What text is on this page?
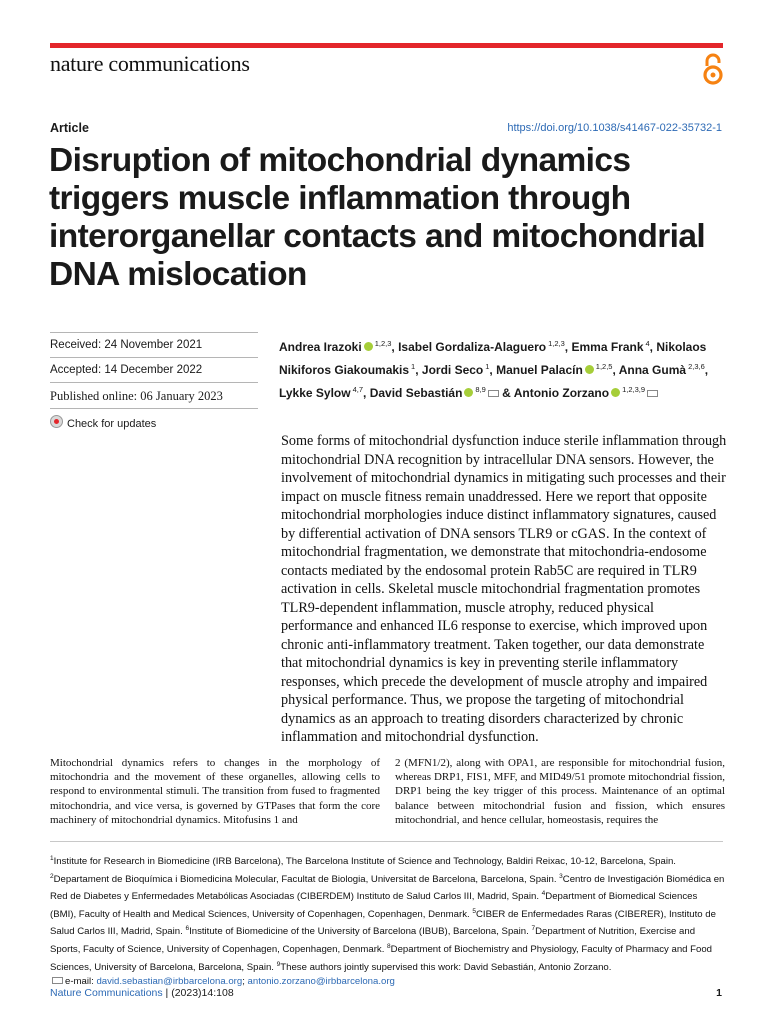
nature communications
Article	https://doi.org/10.1038/s41467-022-35732-1
Disruption of mitochondrial dynamics triggers muscle inflammation through interorganellar contacts and mitochondrial DNA mislocation
Received: 24 November 2021
Accepted: 14 December 2022
Published online: 06 January 2023
Check for updates
Andrea Irazoki $^{1,2,3}$, Isabel Gordaliza-Alaguero $^{1,2,3}$, Emma Frank $^4$, Nikolaos Nikiforos Giakoumakis $^1$, Jordi Seco $^1$, Manuel Palacín $^{1,2,5}$, Anna Gumà $^{2,3,6}$, Lykke Sylow $^{4,7}$, David Sebastián $^{8,9}$ & Antonio Zorzano $^{1,2,3,9}$
Some forms of mitochondrial dysfunction induce sterile inflammation through mitochondrial DNA recognition by intracellular DNA sensors. However, the involvement of mitochondrial dynamics in mitigating such processes and their impact on muscle fitness remain unaddressed. Here we report that opposite mitochondrial morphologies induce distinct inflammatory signatures, caused by differential activation of DNA sensors TLR9 or cGAS. In the context of mitochondrial fragmentation, we demonstrate that mitochondria-endosome contacts mediated by the endosomal protein Rab5C are required in TLR9 activation in cells. Skeletal muscle mitochondrial fragmentation promotes TLR9-dependent inflammation, muscle atrophy, reduced physical performance and enhanced IL6 response to exercise, which improved upon chronic anti-inflammatory treatment. Taken together, our data demonstrate that mitochondrial dynamics is key in preventing sterile inflammatory responses, which precede the development of muscle atrophy and impaired physical performance. Thus, we propose the targeting of mitochondrial dynamics as an approach to treating disorders characterized by chronic inflammation and mitochondrial dysfunction.
Mitochondrial dynamics refers to changes in the morphology of mitochondria and the movement of these organelles, allowing cells to respond to environmental stimuli. The transition from fused to fragmented mitochondria, and vice versa, is governed by GTPases that form the core machinery of mitochondrial dynamics. Mitofusins 1 and
2 (MFN1/2), along with OPA1, are responsible for mitochondrial fusion, whereas DRP1, FIS1, MFF, and MID49/51 promote mitochondrial fission, DRP1 being the key trigger of this process. Maintenance of an optimal balance between mitochondrial fusion and fission, which ensures mitochondrial, and hence cellular, homeostasis, requires the
$^1$Institute for Research in Biomedicine (IRB Barcelona), The Barcelona Institute of Science and Technology, Baldiri Reixac, 10-12, Barcelona, Spain. $^2$Departament de Bioquímica i Biomedicina Molecular, Facultat de Biologia, Universitat de Barcelona, Barcelona, Spain. $^3$Centro de Investigación Biomédica en Red de Diabetes y Enfermedades Metabólicas Asociadas (CIBERDEM) Instituto de Salud Carlos III, Madrid, Spain. $^4$Department of Biomedical Sciences (BMI), Faculty of Health and Medical Sciences, University of Copenhagen, Copenhagen, Denmark. $^5$CIBER de Enfermedades Raras (CIBERER), Instituto de Salud Carlos III, Madrid, Spain. $^6$Institute of Biomedicine of the University of Barcelona (IBUB), Barcelona, Spain. $^7$Department of Nutrition, Exercise and Sports, Faculty of Science, University of Copenhagen, Copenhagen, Denmark. $^8$Department of Biochemistry and Physiology, Faculty of Pharmacy and Food Sciences, University of Barcelona, Barcelona, Spain. $^9$These authors jointly supervised this work: David Sebastián, Antonio Zorzano.
e-mail: david.sebastian@irbbarcelona.org; antonio.zorzano@irbbarcelona.org
Nature Communications | (2023)14:108	1
